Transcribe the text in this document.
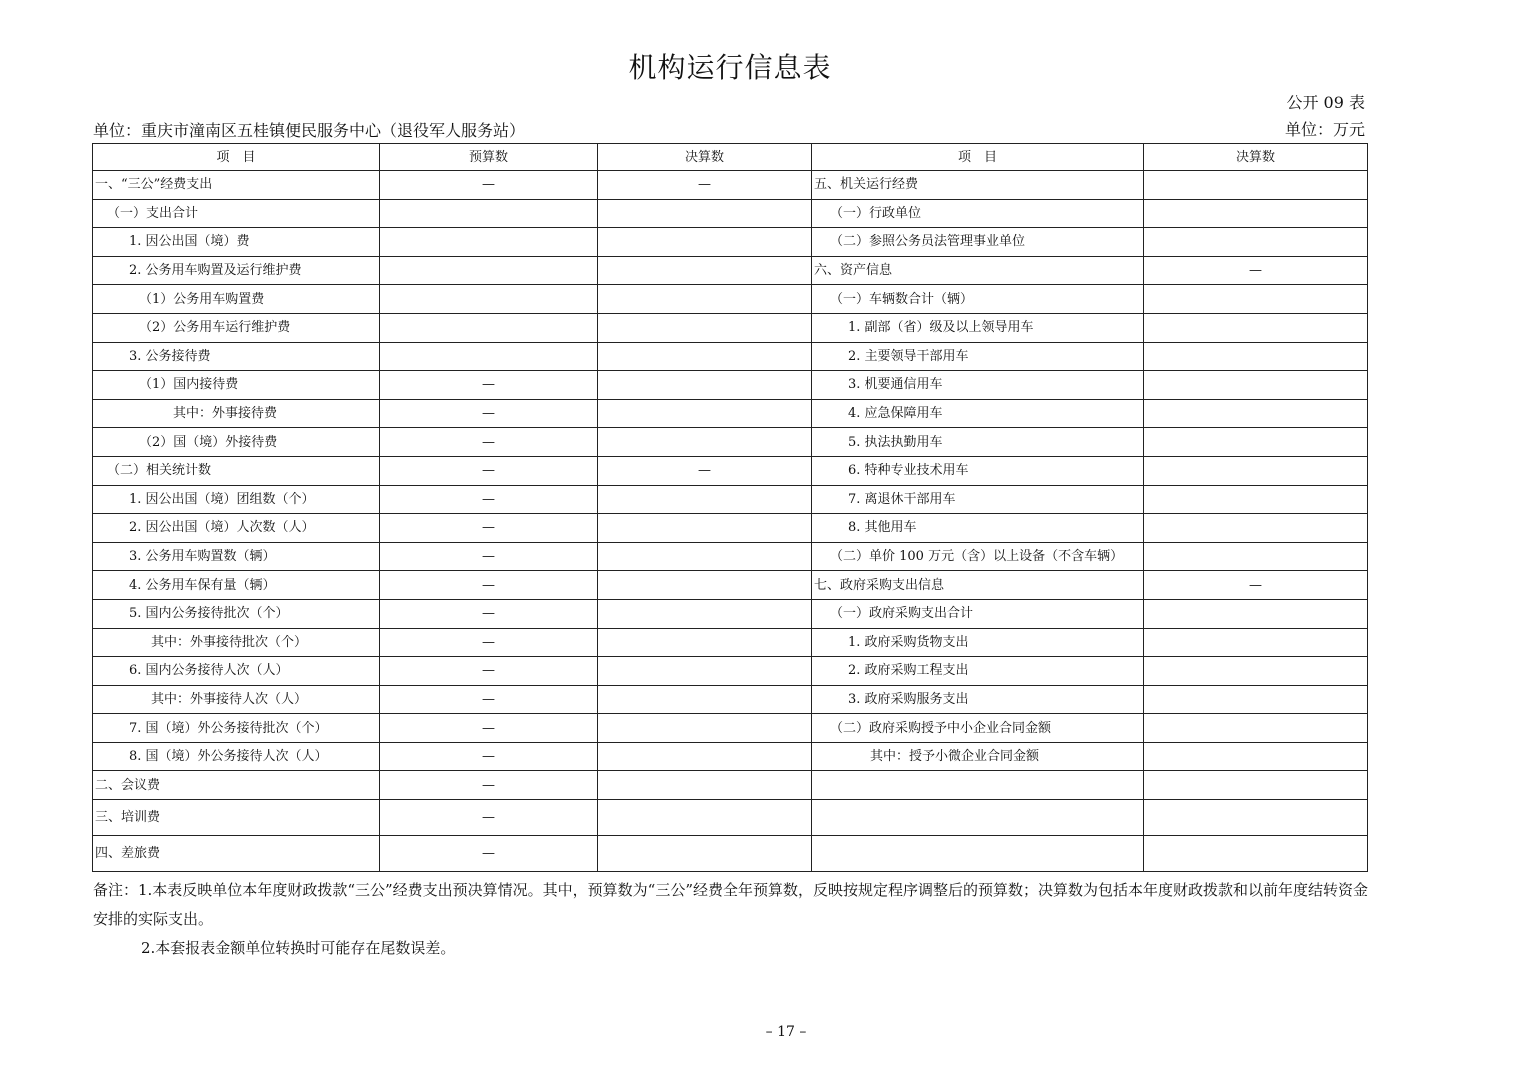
机构运行信息表
公开 09 表
单位：重庆市潼南区五桂镇便民服务中心（退役军人服务站）	单位：万元
项　目	预算数	决算数	项　目	决算数
一、“三公”经费支出	—	—	五、机关运行经费	
（一）支出合计			（一）行政单位	
1. 因公出国（境）费			（二）参照公务员法管理事业单位	
2. 公务用车购置及运行维护费			六、资产信息	—
（1）公务用车购置费			（一）车辆数合计（辆）	
（2）公务用车运行维护费			1. 副部（省）级及以上领导用车	
3. 公务接待费			2. 主要领导干部用车	
（1）国内接待费	—		3. 机要通信用车	
其中：外事接待费	—		4. 应急保障用车	
（2）国（境）外接待费	—		5. 执法执勤用车	
（二）相关统计数	—	—	6. 特种专业技术用车	
1. 因公出国（境）团组数（个）	—		7. 离退休干部用车	
2. 因公出国（境）人次数（人）	—		8. 其他用车	
3. 公务用车购置数（辆）	—		（二）单价 100 万元（含）以上设备（不含车辆）	
4. 公务用车保有量（辆）	—		七、政府采购支出信息	—
5. 国内公务接待批次（个）	—		（一）政府采购支出合计	
其中：外事接待批次（个）	—		1. 政府采购货物支出	
6. 国内公务接待人次（人）	—		2. 政府采购工程支出	
其中：外事接待人次（人）	—		3. 政府采购服务支出	
7. 国（境）外公务接待批次（个）	—		（二）政府采购授予中小企业合同金额	
8. 国（境）外公务接待人次（人）	—		其中：授予小微企业合同金额	
二、会议费	—			
三、培训费	—			
四、差旅费	—			

备注：1.本表反映单位本年度财政拨款“三公”经费支出预决算情况。其中，预算数为“三公”经费全年预算数，反映按规定程序调整后的预算数；决算数为包括本年度财政拨款和以前年度结转资金

安排的实际支出。

2.本套报表金额单位转换时可能存在尾数误差。

– 17 –
